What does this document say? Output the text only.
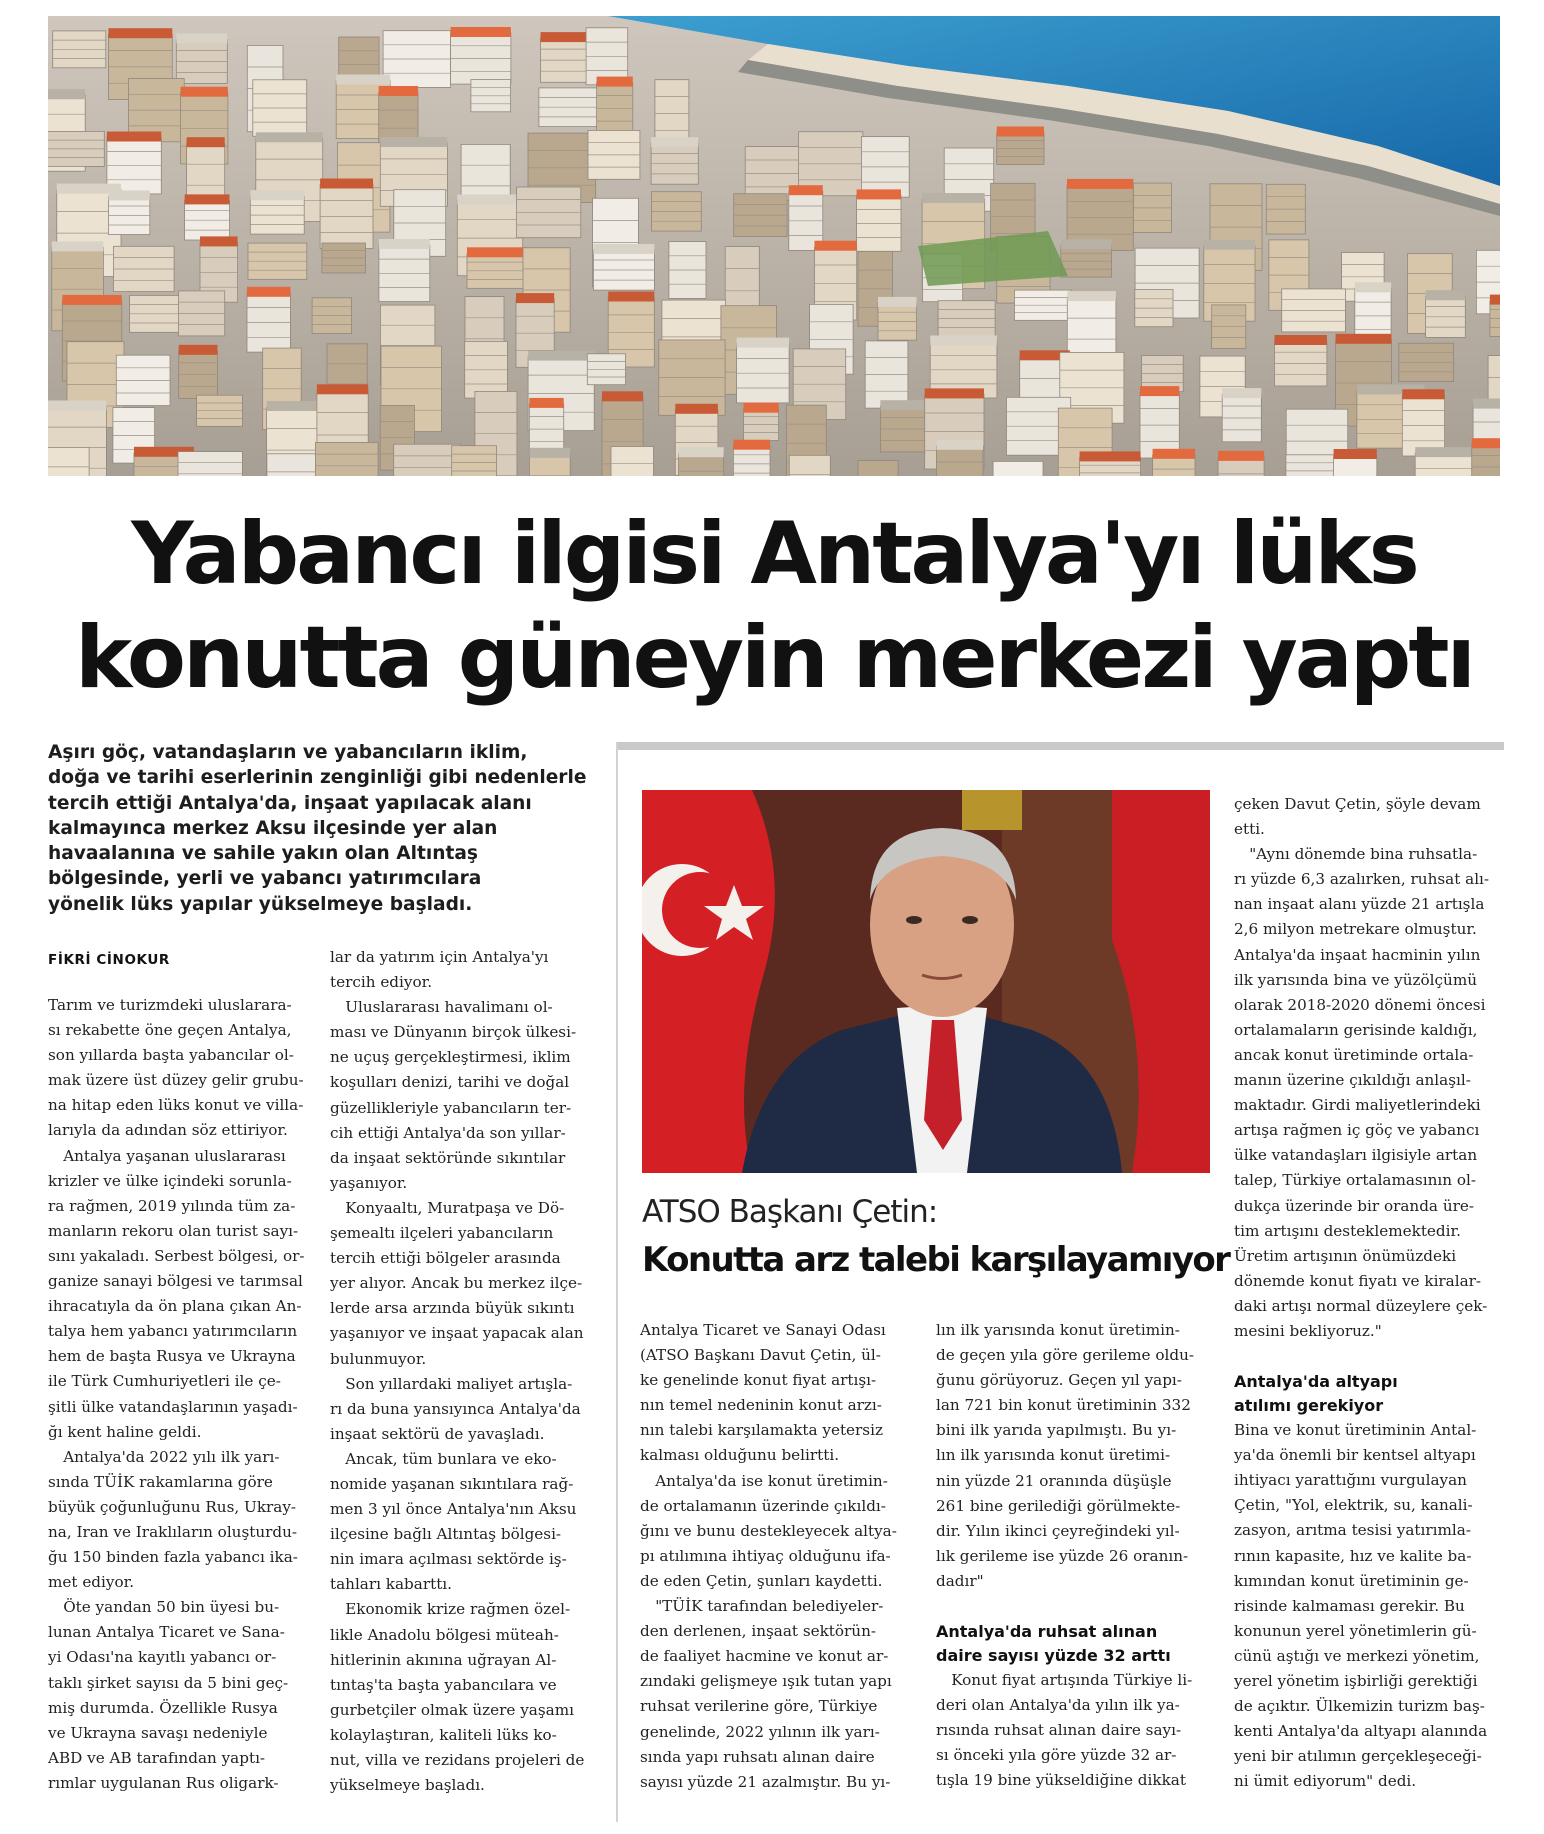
Yabancı ilgisi Antalya'yı lüks
konutta güneyin merkezi yaptı
Aşırı göç, vatandaşların ve yabancıların iklim,
doğa ve tarihi eserlerinin zenginliği gibi nedenlerle
tercih ettiği Antalya'da, inşaat yapılacak alanı
kalmayınca merkez Aksu ilçesinde yer alan
havaalanına ve sahile yakın olan Altıntaş
bölgesinde, yerli ve yabancı yatırımcılara
yönelik lüks yapılar yükselmeye başladı.
FİKRİ CİNOKUR
Tarım ve turizmdeki uluslarara-
sı rekabette öne geçen Antalya,
son yıllarda başta yabancılar ol-
mak üzere üst düzey gelir grubu-
na hitap eden lüks konut ve villa-
larıyla da adından söz ettiriyor.
 Antalya yaşanan uluslararası
krizler ve ülke içindeki sorunla-
ra rağmen, 2019 yılında tüm za-
manların rekoru olan turist sayı-
sını yakaladı. Serbest bölgesi, or-
ganize sanayi bölgesi ve tarımsal
ihracatıyla da ön plana çıkan An-
talya hem yabancı yatırımcıların
hem de başta Rusya ve Ukrayna
ile Türk Cumhuriyetleri ile çe-
şitli ülke vatandaşlarının yaşadı-
ğı kent haline geldi.
 Antalya'da 2022 yılı ilk yarı-
sında TÜİK rakamlarına göre
büyük çoğunluğunu Rus, Ukray-
na, Iran ve Iraklıların oluşturdu-
ğu 150 binden fazla yabancı ika-
met ediyor.
 Öte yandan 50 bin üyesi bu-
lunan Antalya Ticaret ve Sana-
yi Odası'na kayıtlı yabancı or-
taklı şirket sayısı da 5 bini geç-
miş durumda. Özellikle Rusya
ve Ukrayna savaşı nedeniyle
ABD ve AB tarafından yaptı-
rımlar uygulanan Rus oligark-
lar da yatırım için Antalya'yı
tercih ediyor.
 Uluslararası havalimanı ol-
ması ve Dünyanın birçok ülkesi-
ne uçuş gerçekleştirmesi, iklim
koşulları denizi, tarihi ve doğal
güzellikleriyle yabancıların ter-
cih ettiği Antalya'da son yıllar-
da inşaat sektöründe sıkıntılar
yaşanıyor.
 Konyaaltı, Muratpaşa ve Dö-
şemealtı ilçeleri yabancıların
tercih ettiği bölgeler arasında
yer alıyor. Ancak bu merkez ilçe-
lerde arsa arzında büyük sıkıntı
yaşanıyor ve inşaat yapacak alan
bulunmuyor.
 Son yıllardaki maliyet artışla-
rı da buna yansıyınca Antalya'da
inşaat sektörü de yavaşladı.
 Ancak, tüm bunlara ve eko-
nomide yaşanan sıkıntılara rağ-
men 3 yıl önce Antalya'nın Aksu
ilçesine bağlı Altıntaş bölgesi-
nin imara açılması sektörde iş-
tahları kabarttı.
 Ekonomik krize rağmen özel-
likle Anadolu bölgesi müteah-
hitlerinin akınına uğrayan Al-
tıntaş'ta başta yabancılara ve
gurbetçiler olmak üzere yaşamı
kolaylaştıran, kaliteli lüks ko-
nut, villa ve rezidans projeleri de
yükselmeye başladı.
ATSO Başkanı Çetin:
Konutta arz talebi karşılayamıyor
Antalya Ticaret ve Sanayi Odası
(ATSO Başkanı Davut Çetin, ül-
ke genelinde konut fiyat artışı-
nın temel nedeninin konut arzı-
nın talebi karşılamakta yetersiz
kalması olduğunu belirtti.
 Antalya'da ise konut üretimin-
de ortalamanın üzerinde çıkıldı-
ğını ve bunu destekleyecek altya-
pı atılımına ihtiyaç olduğunu ifa-
de eden Çetin, şunları kaydetti.
 "TÜİK tarafından belediyeler-
den derlenen, inşaat sektörün-
de faaliyet hacmine ve konut ar-
zındaki gelişmeye ışık tutan yapı
ruhsat verilerine göre, Türkiye
genelinde, 2022 yılının ilk yarı-
sında yapı ruhsatı alınan daire
sayısı yüzde 21 azalmıştır. Bu yı-
lın ilk yarısında konut üretimin-
de geçen yıla göre gerileme oldu-
ğunu görüyoruz. Geçen yıl yapı-
lan 721 bin konut üretiminin 332
bini ilk yarıda yapılmıştı. Bu yı-
lın ilk yarısında konut üretimi-
nin yüzde 21 oranında düşüşle
261 bine gerilediği görülmekte-
dir. Yılın ikinci çeyreğindeki yıl-
lık gerileme ise yüzde 26 oranın-
dadır"
Antalya'da ruhsat alınan
daire sayısı yüzde 32 arttı
 Konut fiyat artışında Türkiye li-
deri olan Antalya'da yılın ilk ya-
rısında ruhsat alınan daire sayı-
sı önceki yıla göre yüzde 32 ar-
tışla 19 bine yükseldiğine dikkat
çeken Davut Çetin, şöyle devam
etti.
 "Aynı dönemde bina ruhsatla-
rı yüzde 6,3 azalırken, ruhsat alı-
nan inşaat alanı yüzde 21 artışla
2,6 milyon metrekare olmuştur.
Antalya'da inşaat hacminin yılın
ilk yarısında bina ve yüzölçümü
olarak 2018-2020 dönemi öncesi
ortalamaların gerisinde kaldığı,
ancak konut üretiminde ortala-
manın üzerine çıkıldığı anlaşıl-
maktadır. Girdi maliyetlerindeki
artışa rağmen iç göç ve yabancı
ülke vatandaşları ilgisiyle artan
talep, Türkiye ortalamasının ol-
dukça üzerinde bir oranda üre-
tim artışını desteklemektedir.
Üretim artışının önümüzdeki
dönemde konut fiyatı ve kiralar-
daki artışı normal düzeylere çek-
mesini bekliyoruz."
Antalya'da altyapı
atılımı gerekiyor
Bina ve konut üretiminin Antal-
ya'da önemli bir kentsel altyapı
ihtiyacı yarattığını vurgulayan
Çetin, "Yol, elektrik, su, kanali-
zasyon, arıtma tesisi yatırımla-
rının kapasite, hız ve kalite ba-
kımından konut üretiminin ge-
risinde kalmaması gerekir. Bu
konunun yerel yönetimlerin gü-
cünü aştığı ve merkezi yönetim,
yerel yönetim işbirliği gerektiği
de açıktır. Ülkemizin turizm baş-
kenti Antalya'da altyapı alanında
yeni bir atılımın gerçekleşeceği-
ni ümit ediyorum" dedi.
